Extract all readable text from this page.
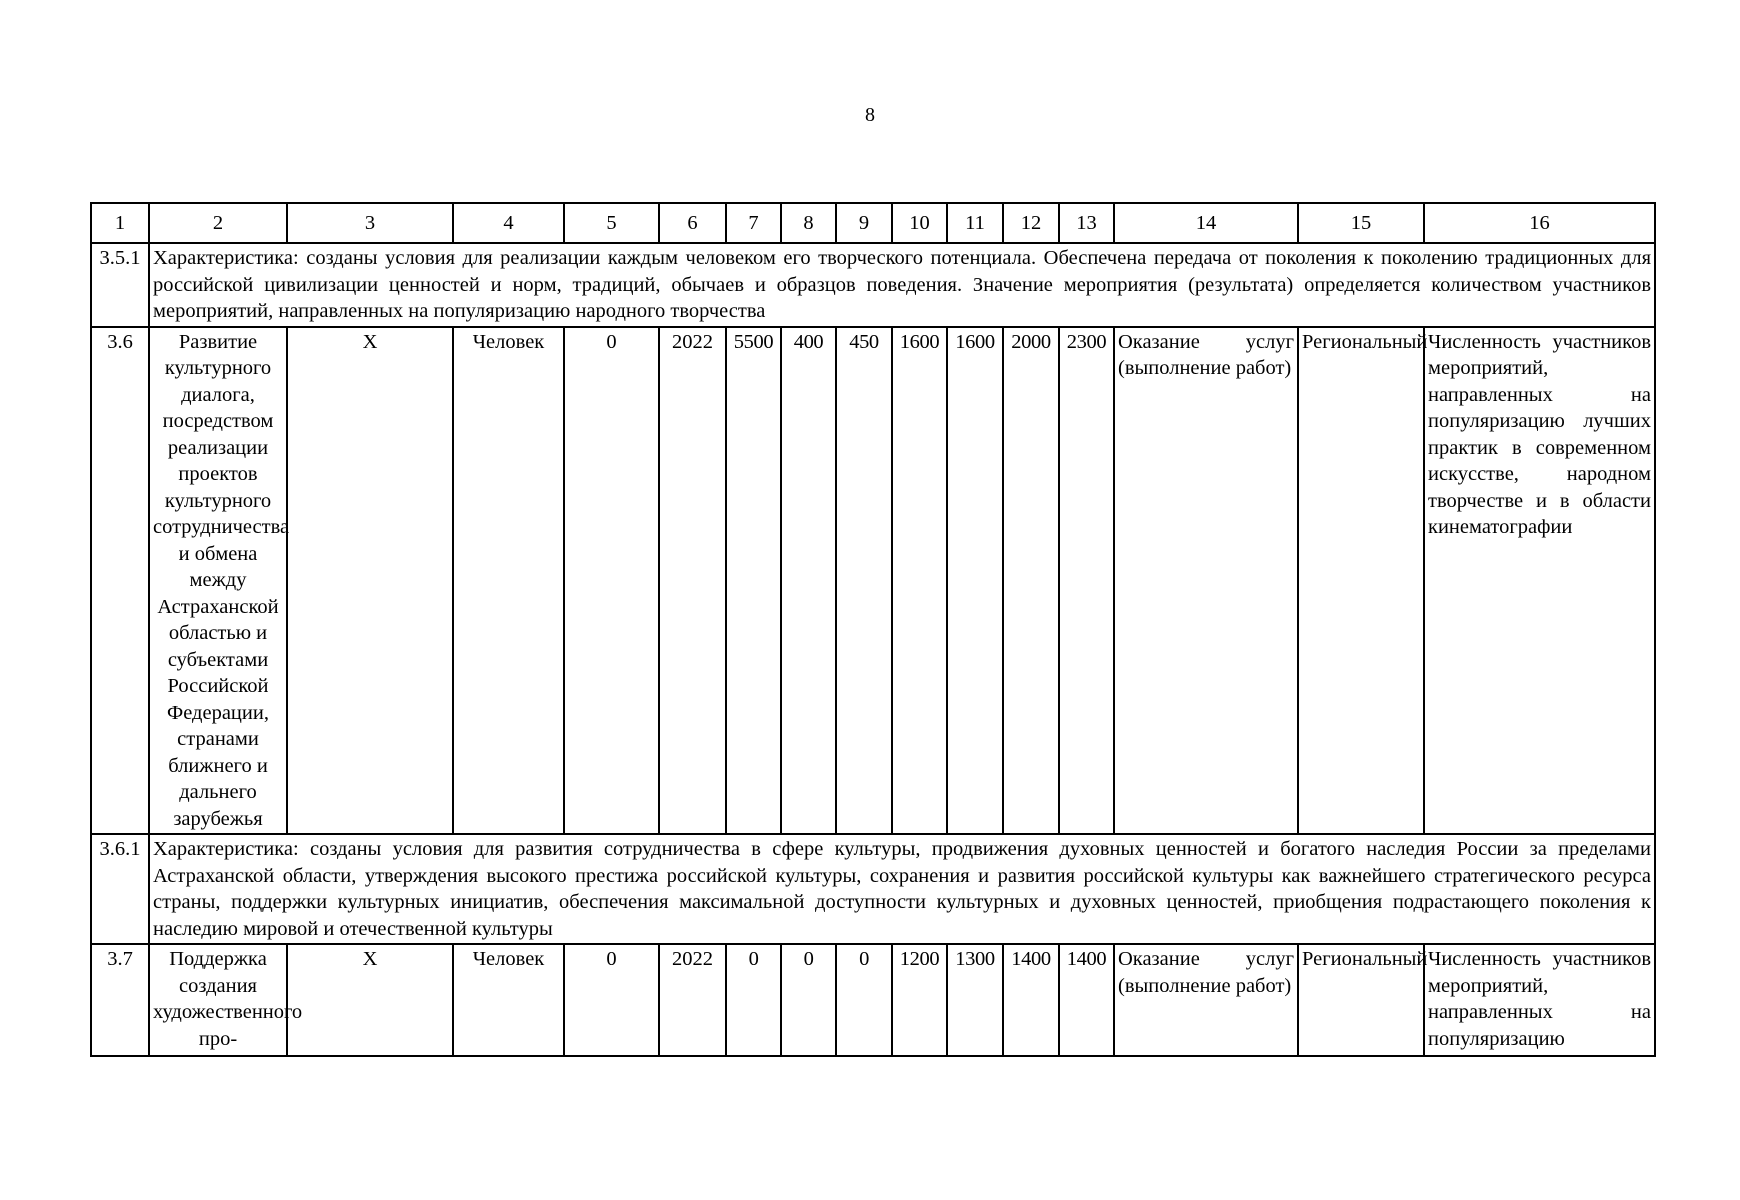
8
1	2	3	4	5	6	7	8	9	10	11	12	13	14	15	16
3.5.1	Характеристика: созданы условия для реализации каждым человеком его творческого потенциала. Обеспечена передача от поколения к поколению традиционных для российской цивилизации ценностей и норм, традиций, обычаев и образцов поведения. Значение мероприятия (результата) определяется количеством участников мероприятий, направленных на популяризацию народного творчества														
3.6	Развитие культурного диалога, посредством реализации проектов культурного сотрудничества и обмена между Астраханской областью и субъектами Российской Федерации, странами ближнего и дальнего зарубежья	X	Человек	0	2022	5500	400	450	1600	1600	2000	2300	Оказание услуг (выполнение работ)	Региональный	Численность участников мероприятий, направленных на популяризацию лучших практик в современном искусстве, народном творчестве и в области кинематографии
3.6.1	Характеристика: созданы условия для развития сотрудничества в сфере культуры, продвижения духовных ценностей и богатого наследия России за пределами Астраханской области, утверждения высокого престижа российской культуры, сохранения и развития российской культуры как важнейшего стратегического ресурса страны, поддержки культурных инициатив, обеспечения максимальной доступности культурных и духовных ценностей, приобщения подрастающего поколения к наследию мировой и отечественной культуры														
3.7	Поддержка создания художественного про-	X	Человек	0	2022	0	0	0	1200	1300	1400	1400	Оказание услуг (выполнение работ)	Региональный	Численность участников мероприятий, направленных на популяризацию
